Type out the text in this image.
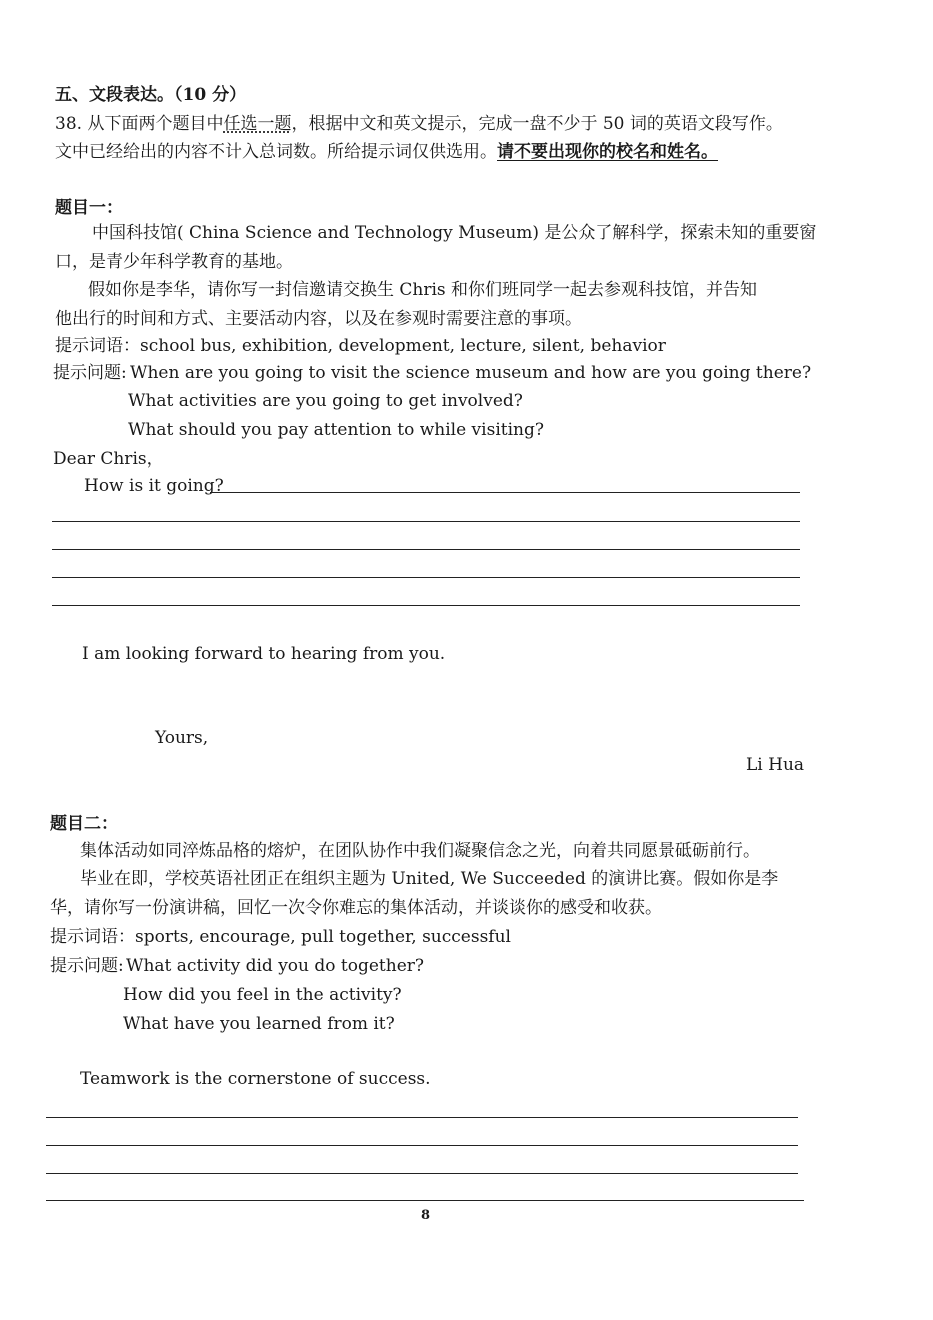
五、文段表达。（10 分）
38. 从下面两个题目中任选一题，根据中文和英文提示，完成一盘不少于 50 词的英语文段写作。
文中已经给出的内容不计入总词数。所给提示词仅供选用。请不要出现你的校名和姓名。
题目一：
中国科技馆( China Science and Technology Museum) 是公众了解科学，探索未知的重要窗
口，是青少年科学教育的基地。
假如你是李华，请你写一封信邀请交换生 Chris 和你们班同学一起去参观科技馆，并告知
他出行的时间和方式、主要活动内容，以及在参观时需要注意的事项。
提示词语：school bus, exhibition, development, lecture, silent, behavior
提示问题: When are you going to visit the science museum and how are you going there?
What activities are you going to get involved?
What should you pay attention to while visiting?
Dear Chris，
How is it going?
I am looking forward to hearing from you.
Yours,
Li Hua
题目二：
集体活动如同淬炼品格的熔炉，在团队协作中我们凝聚信念之光，向着共同愿景砥砺前行。
毕业在即，学校英语社团正在组织主题为 United, We Succeeded 的演讲比赛。假如你是李
华，请你写一份演讲稿，回忆一次令你难忘的集体活动，并谈谈你的感受和收获。
提示词语：sports, encourage, pull together, successful
提示问题: What activity did you do together?
How did you feel in the activity?
What have you learned from it?
Teamwork is the cornerstone of success.
8
